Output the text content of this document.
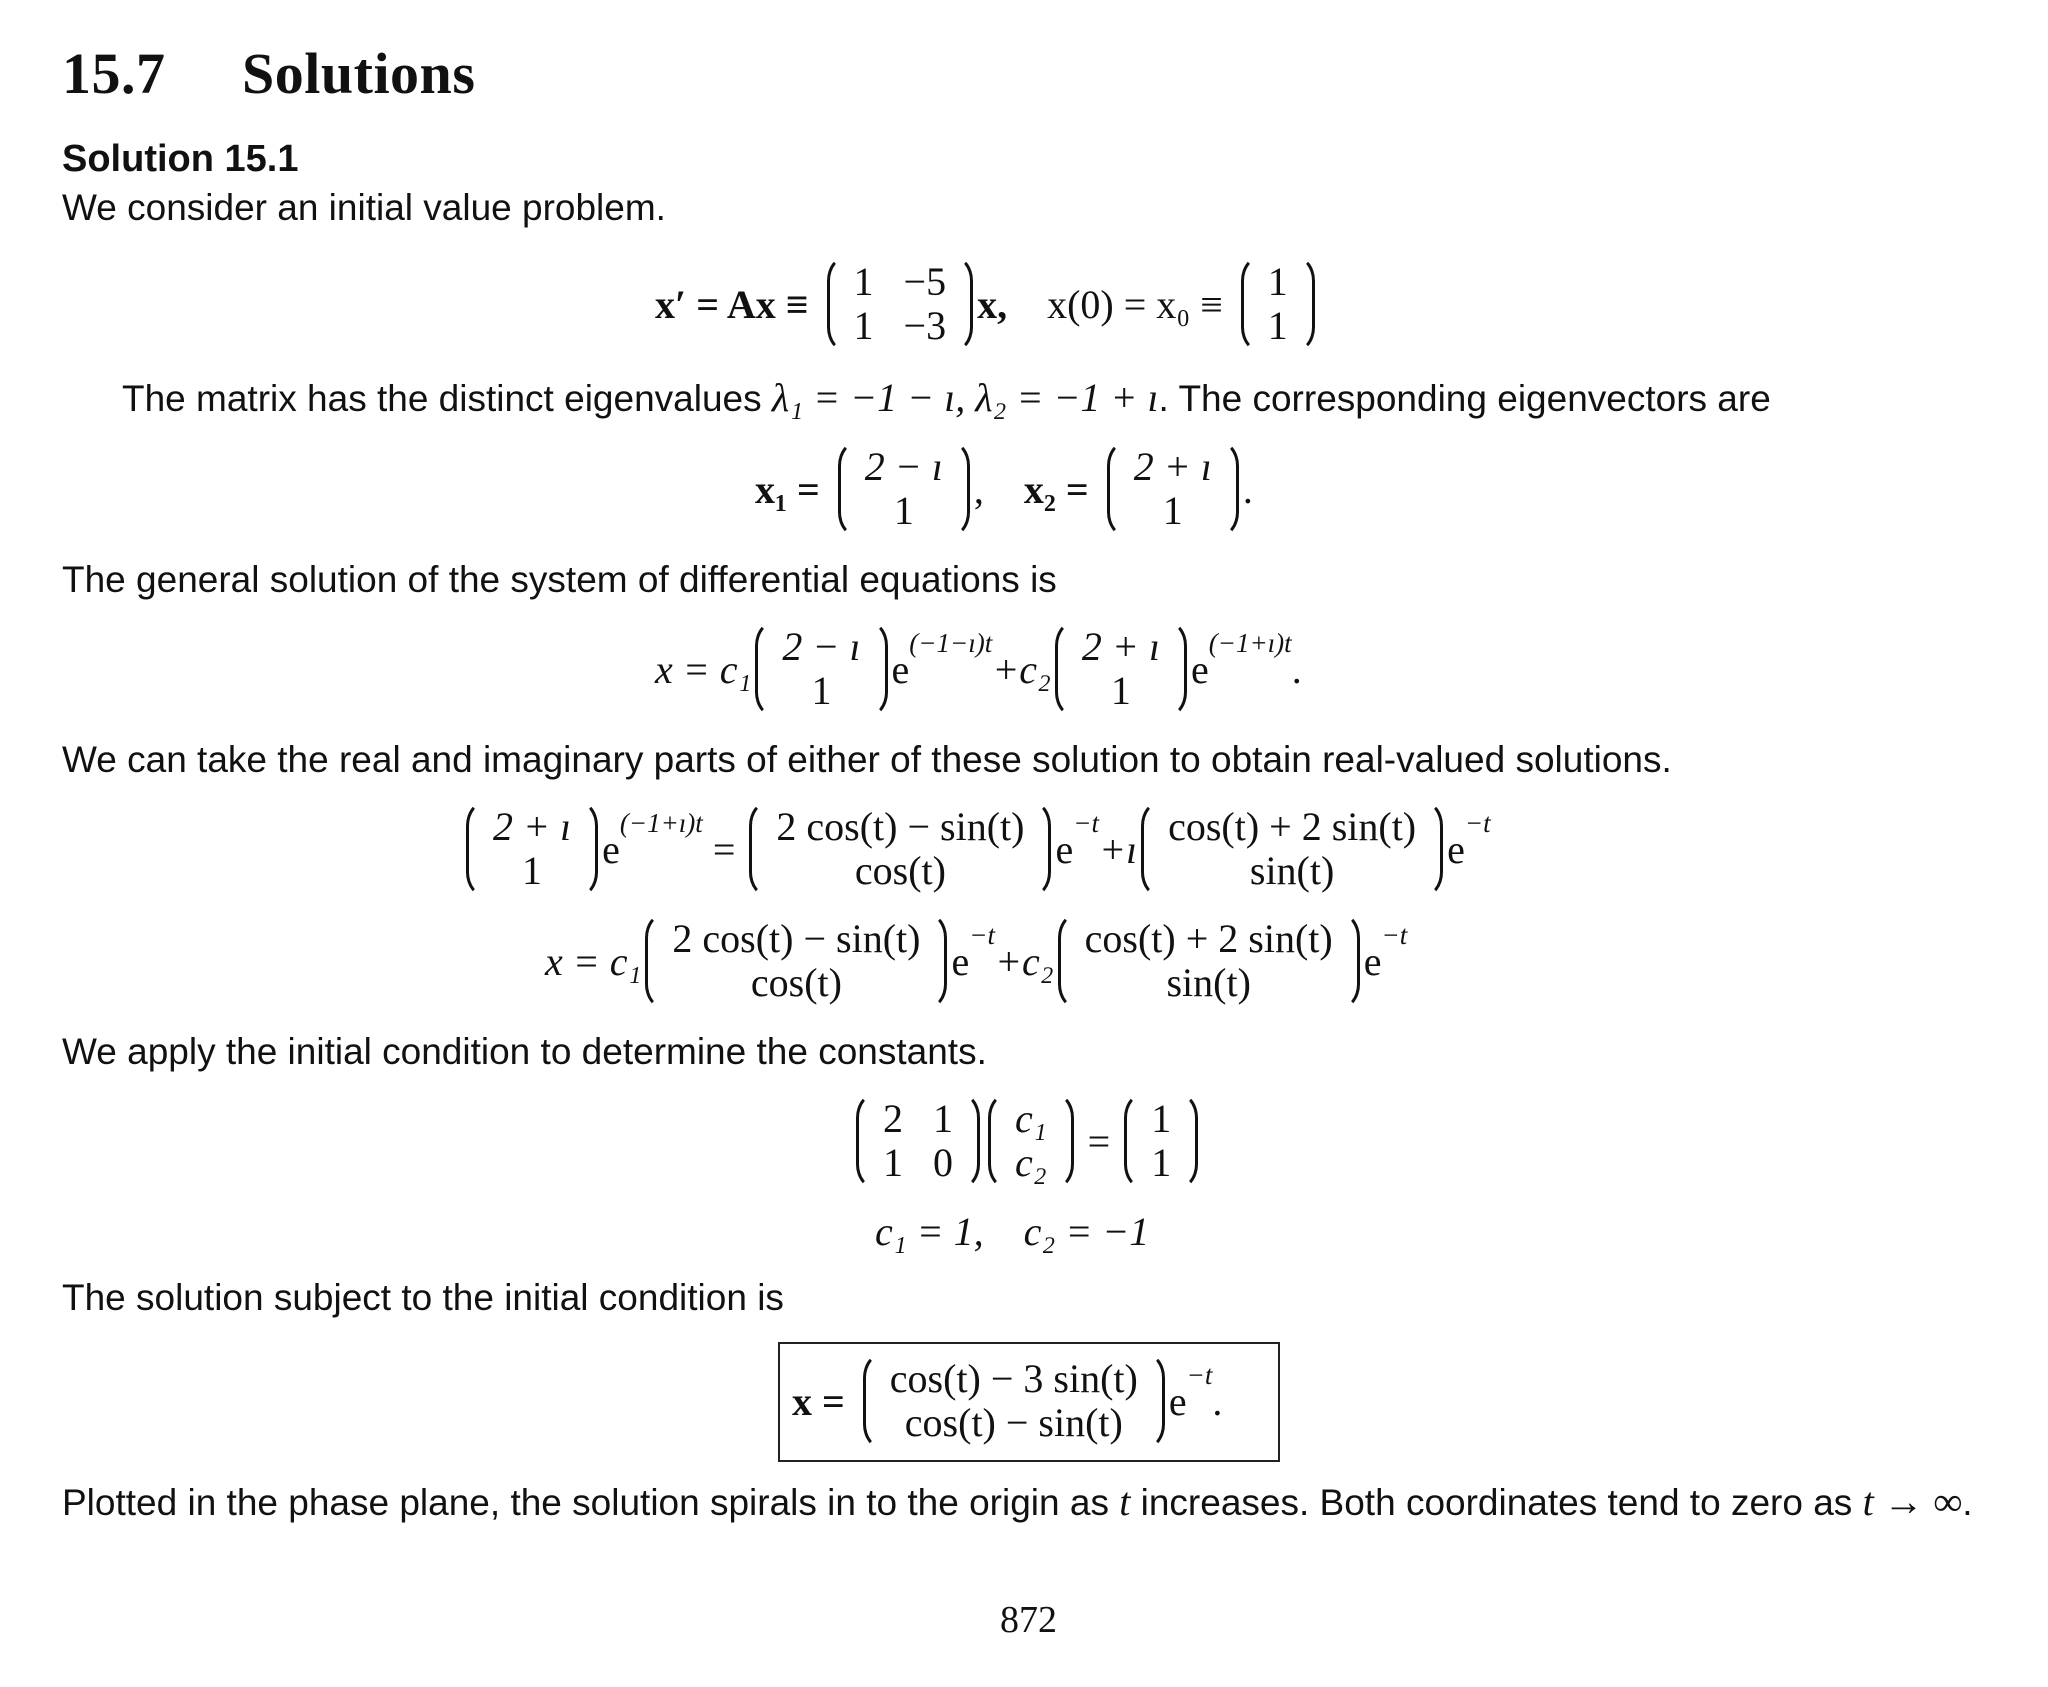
15.7 Solutions
Solution 15.1
We consider an initial value problem.
x′ = Ax ≡ 1 −5
1 −3 x, x(0) = x₀ ≡ 1
1
The matrix has the distinct eigenvalues λ₁ = −1 − ı, λ₂ = −1 + ı. The corresponding eigenvectors are
x₁ = 2 − ı
1	, x₂ = 2 + ı
1	.
The general solution of the system of differential equations is
x = c₁ 2 − ı
1	e
(−1−ı)t
+c₂ 2 + ı
1	e
(−1+ı)t
.
We can take the real and imaginary parts of either of these solution to obtain real-valued solutions.
2 + ı
1	e
(−1+ı)t
= 2 cos(t) − sin(t)
cos(t)	e
−t
+ı cos(t) + 2 sin(t)
sin(t)	e
−t
x = c₁ 2 cos(t) − sin(t)
cos(t)	e
−t
+c₂ cos(t) + 2 sin(t)
sin(t)	e
−t
We apply the initial condition to determine the constants.
2 1
1 0
c₁
c₂ = 1
1
c₁ = 1,    c₂ = −1
The solution subject to the initial condition is
x = cos(t) − 3 sin(t)
cos(t) − sin(t)	e
−t
.
Plotted in the phase plane, the solution spirals in to the origin as t increases. Both coordinates tend to zero as t → ∞.
872
